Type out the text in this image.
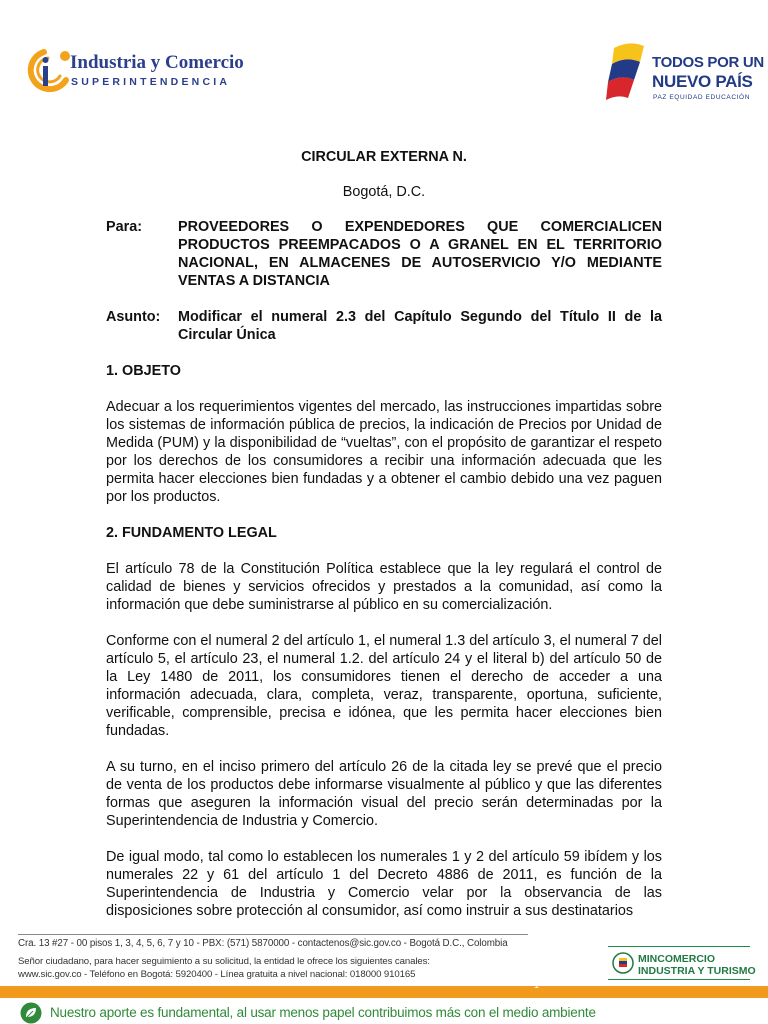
Industria y Comercio
SUPERINTENDENCIA
TODOS POR UN
NUEVO PAÍS
PAZ EQUIDAD EDUCACIÓN
CIRCULAR EXTERNA N.
Bogotá, D.C.
Para:	PROVEEDORES O EXPENDEDORES QUE COMERCIALICEN PRODUCTOS PREEMPACADOS O A GRANEL EN EL TERRITORIO NACIONAL, EN ALMACENES DE AUTOSERVICIO Y/O MEDIANTE VENTAS A DISTANCIA
Asunto:	Modificar el numeral 2.3 del Capítulo Segundo del Título II de la Circular Única
1. OBJETO
Adecuar a los requerimientos vigentes del mercado, las instrucciones impartidas sobre los sistemas de información pública de precios, la indicación de Precios por Unidad de Medida (PUM) y la disponibilidad de “vueltas”, con el propósito de garantizar el respeto por los derechos de los consumidores a recibir una información adecuada que les permita hacer elecciones bien fundadas y a obtener el cambio debido una vez paguen por los productos.
2. FUNDAMENTO LEGAL
El artículo 78 de la Constitución Política establece que la ley regulará el control de calidad de bienes y servicios ofrecidos y prestados a la comunidad, así como la información que debe suministrarse al público en su comercialización.
Conforme con el numeral 2 del artículo 1, el numeral 1.3 del artículo 3, el numeral 7 del artículo 5, el artículo 23, el numeral 1.2. del artículo 24 y el literal b) del artículo 50 de la Ley 1480 de 2011, los consumidores tienen el derecho de acceder a una información adecuada, clara, completa, veraz, transparente, oportuna, suficiente, verificable, comprensible, precisa e idónea, que les permita hacer elecciones bien fundadas.
A su turno, en el inciso primero del artículo 26 de la citada ley se prevé que el precio de venta de los productos debe informarse visualmente al público y que las diferentes formas que aseguren la información visual del precio serán determinadas por la Superintendencia de Industria y Comercio.
De igual modo, tal como lo establecen los numerales 1 y 2 del artículo 59 ibídem y los numerales 22 y 61 del artículo 1 del Decreto 4886 de 2011, es función de la Superintendencia de Industria y Comercio velar por la observancia de las disposiciones sobre protección al consumidor, así como instruir a sus destinatarios
Cra. 13 #27 - 00 pisos 1, 3, 4, 5, 6, 7 y 10 - PBX: (571) 5870000 - contactenos@sic.gov.co - Bogotá D.C., Colombia
Señor ciudadano, para hacer seguimiento a su solicitud, la entidad le ofrece los siguientes canales:
www.sic.gov.co - Teléfono en Bogotá: 5920400 - Línea gratuita a nivel nacional: 018000 910165
MINCOMERCIO
INDUSTRIA Y TURISMO
1
Nuestro aporte es fundamental, al usar menos papel contribuimos más con el medio ambiente
